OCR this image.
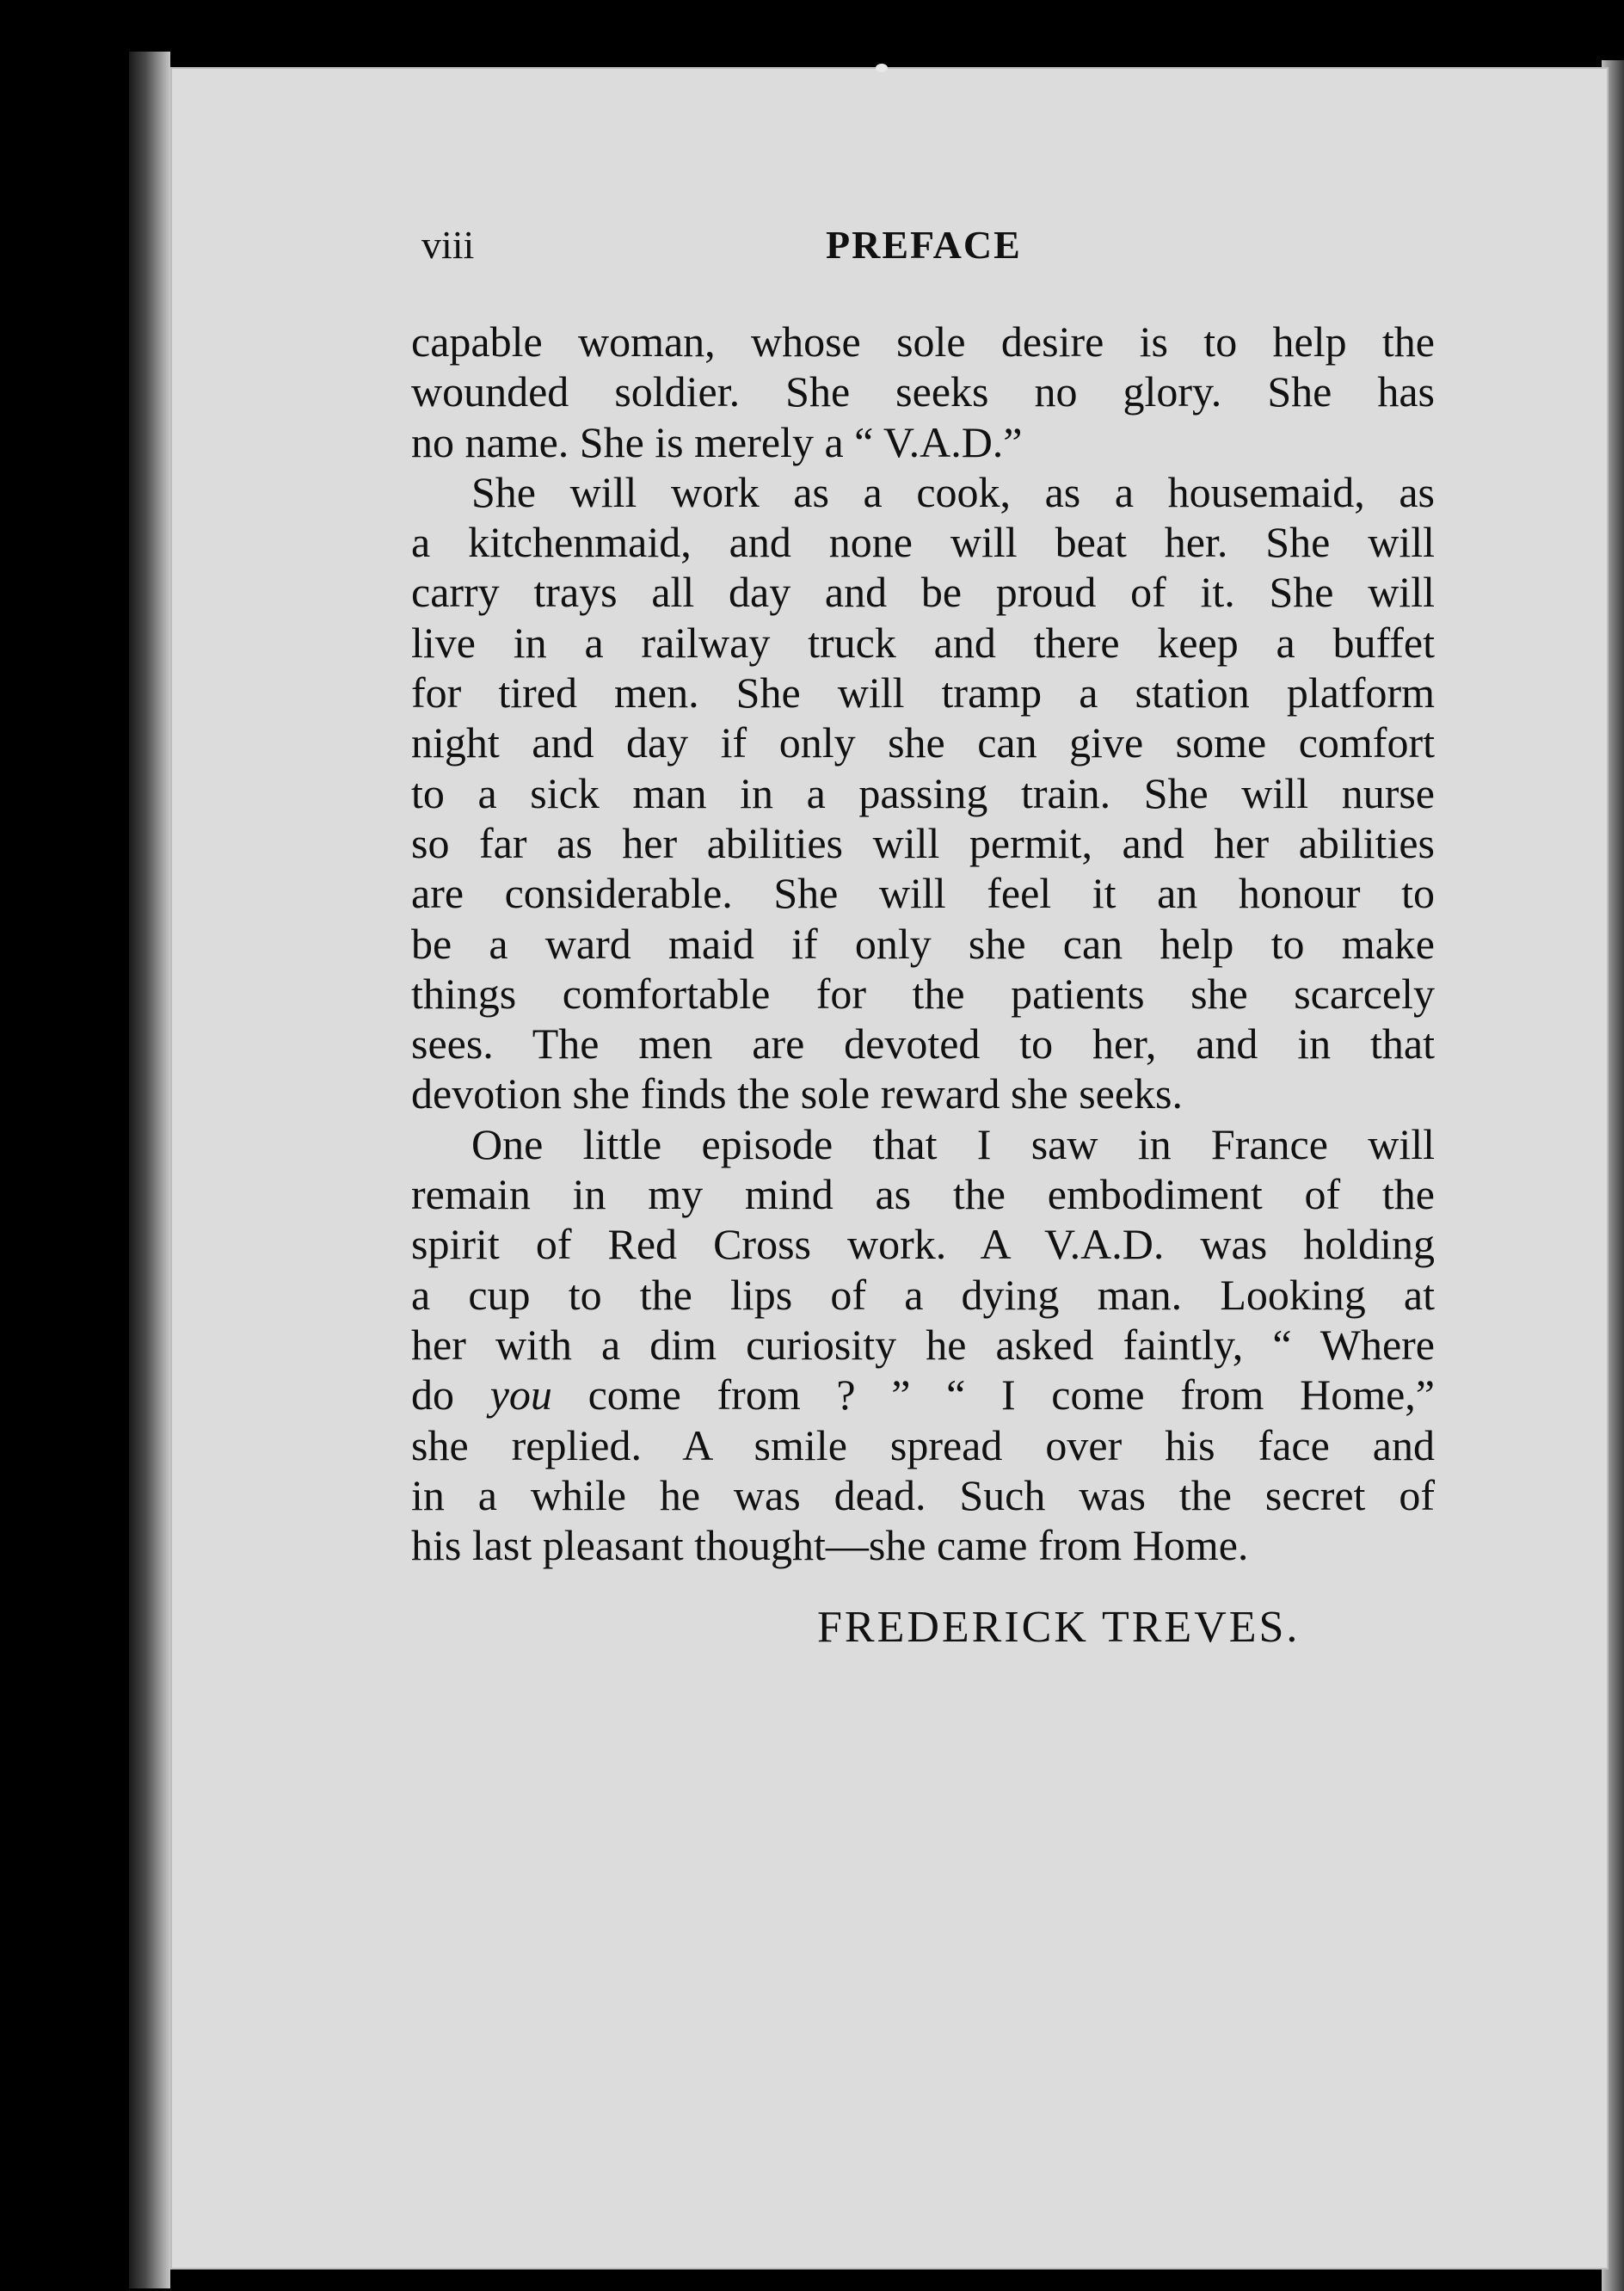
viii	PREFACE
capable woman, whose sole desire is to help the
wounded soldier. She seeks no glory. She has
no name. She is merely a “ V.A.D.”
She will work as a cook, as a housemaid, as
a kitchenmaid, and none will beat her. She will
carry trays all day and be proud of it. She will
live in a railway truck and there keep a buffet
for tired men. She will tramp a station platform
night and day if only she can give some comfort
to a sick man in a passing train. She will nurse
so far as her abilities will permit, and her abilities
are considerable. She will feel it an honour to
be a ward maid if only she can help to make
things comfortable for the patients she scarcely
sees. The men are devoted to her, and in that
devotion she finds the sole reward she seeks.
One little episode that I saw in France will
remain in my mind as the embodiment of the
spirit of Red Cross work. A V.A.D. was holding
a cup to the lips of a dying man. Looking at
her with a dim curiosity he asked faintly, “ Where
do you come from ? ” “ I come from Home,”
she replied. A smile spread over his face and
in a while he was dead. Such was the secret of
his last pleasant thought—she came from Home.
FREDERICK TREVES.
